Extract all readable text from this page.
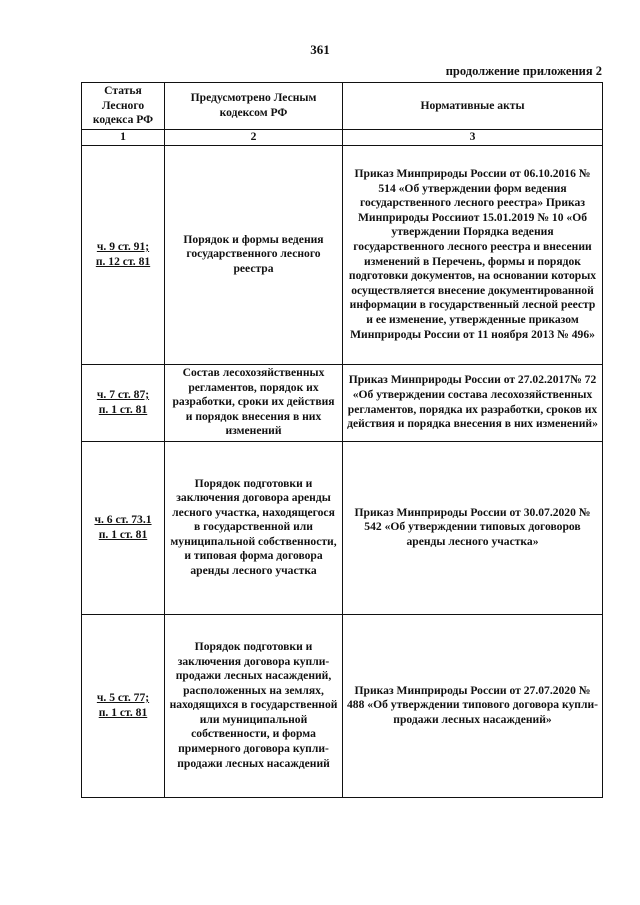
361
продолжение приложения 2
Статья Лесного кодекса РФ	Предусмотрено Лесным кодексом РФ	Нормативные акты
1	2	3

ч. 9 ст. 91;
п. 12 ст. 81	Порядок и формы ведения государственного лесного реестра	Приказ Минприроды России от 06.10.2016 № 514 «Об утверждении форм ведения государственного лесного реестра» Приказ Минприроды Россииот 15.01.2019 № 10 «Об утверждении Порядка ведения государственного лесного реестра и внесении изменений в Перечень, формы и порядок подготовки документов, на основании которых осуществляется внесение документированной информации в государственный лесной реестр и ее изменение, утвержденные приказом Минприроды России от 11 ноября 2013 № 496»

ч. 7 ст. 87;
п. 1 ст. 81	Состав лесохозяйственных регламентов, порядок их разработки, сроки их действия и порядок внесения в них изменений	Приказ Минприроды России от 27.02.2017№ 72 «Об утверждении состава лесохозяйственных регламентов, порядка их разработки, сроков их действия и порядка внесения в них изменений»

ч. 6 ст. 73.1
п. 1 ст. 81	Порядок подготовки и заключения договора аренды лесного участка, находящегося в государственной или муниципальной собственности, и типовая форма договора аренды лесного участка	Приказ Минприроды России от 30.07.2020 № 542 «Об утверждении типовых договоров аренды лесного участка»

ч. 5 ст. 77;
п. 1 ст. 81	Порядок подготовки и заключения договора купли-продажи лесных насаждений, расположенных на землях, находящихся в государственной или муниципальной собственности, и форма примерного договора купли-продажи лесных насаждений	Приказ Минприроды России от 27.07.2020 № 488 «Об утверждении типового договора купли-продажи лесных насаждений»
